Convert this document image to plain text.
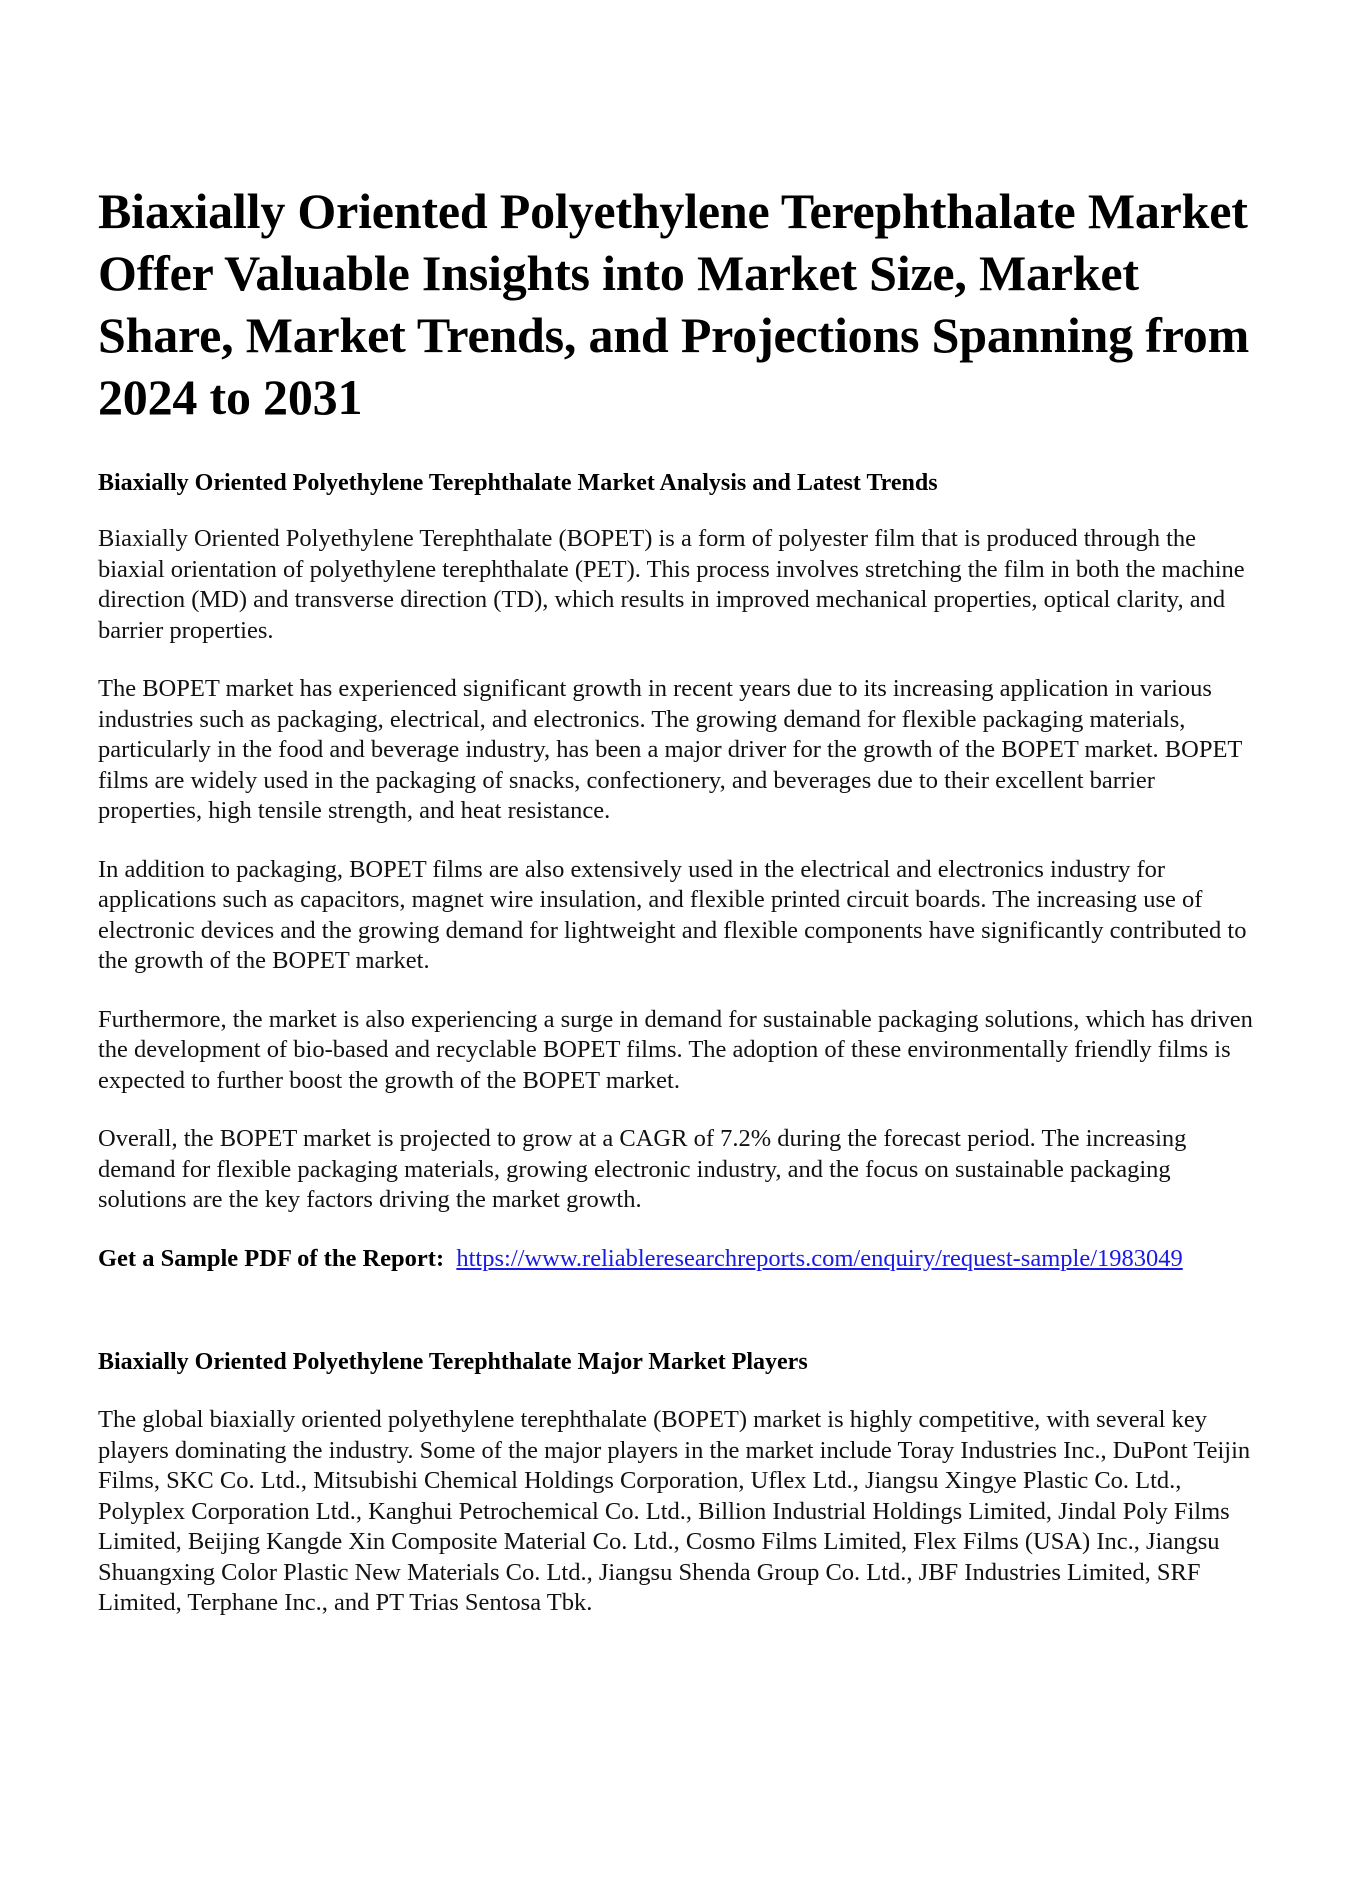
Biaxially Oriented Polyethylene Terephthalate Market Offer Valuable Insights into Market Size, Market Share, Market Trends, and Projections Spanning from 2024 to 2031
Biaxially Oriented Polyethylene Terephthalate Market Analysis and Latest Trends

Biaxially Oriented Polyethylene Terephthalate (BOPET) is a form of polyester film that is produced through the biaxial orientation of polyethylene terephthalate (PET). This process involves stretching the film in both the machine direction (MD) and transverse direction (TD), which results in improved mechanical properties, optical clarity, and barrier properties.

The BOPET market has experienced significant growth in recent years due to its increasing application in various industries such as packaging, electrical, and electronics. The growing demand for flexible packaging materials, particularly in the food and beverage industry, has been a major driver for the growth of the BOPET market. BOPET films are widely used in the packaging of snacks, confectionery, and beverages due to their excellent barrier properties, high tensile strength, and heat resistance.

In addition to packaging, BOPET films are also extensively used in the electrical and electronics industry for applications such as capacitors, magnet wire insulation, and flexible printed circuit boards. The increasing use of electronic devices and the growing demand for lightweight and flexible components have significantly contributed to the growth of the BOPET market.

Furthermore, the market is also experiencing a surge in demand for sustainable packaging solutions, which has driven the development of bio-based and recyclable BOPET films. The adoption of these environmentally friendly films is expected to further boost the growth of the BOPET market.

Overall, the BOPET market is projected to grow at a CAGR of 7.2% during the forecast period. The increasing demand for flexible packaging materials, growing electronic industry, and the focus on sustainable packaging solutions are the key factors driving the market growth.

Get a Sample PDF of the Report: https://www.reliableresearchreports.com/enquiry/request-sample/1983049

Biaxially Oriented Polyethylene Terephthalate Major Market Players

The global biaxially oriented polyethylene terephthalate (BOPET) market is highly competitive, with several key players dominating the industry. Some of the major players in the market include Toray Industries Inc., DuPont Teijin Films, SKC Co. Ltd., Mitsubishi Chemical Holdings Corporation, Uflex Ltd., Jiangsu Xingye Plastic Co. Ltd., Polyplex Corporation Ltd., Kanghui Petrochemical Co. Ltd., Billion Industrial Holdings Limited, Jindal Poly Films Limited, Beijing Kangde Xin Composite Material Co. Ltd., Cosmo Films Limited, Flex Films (USA) Inc., Jiangsu Shuangxing Color Plastic New Materials Co. Ltd., Jiangsu Shenda Group Co. Ltd., JBF Industries Limited, SRF Limited, Terphane Inc., and PT Trias Sentosa Tbk.
